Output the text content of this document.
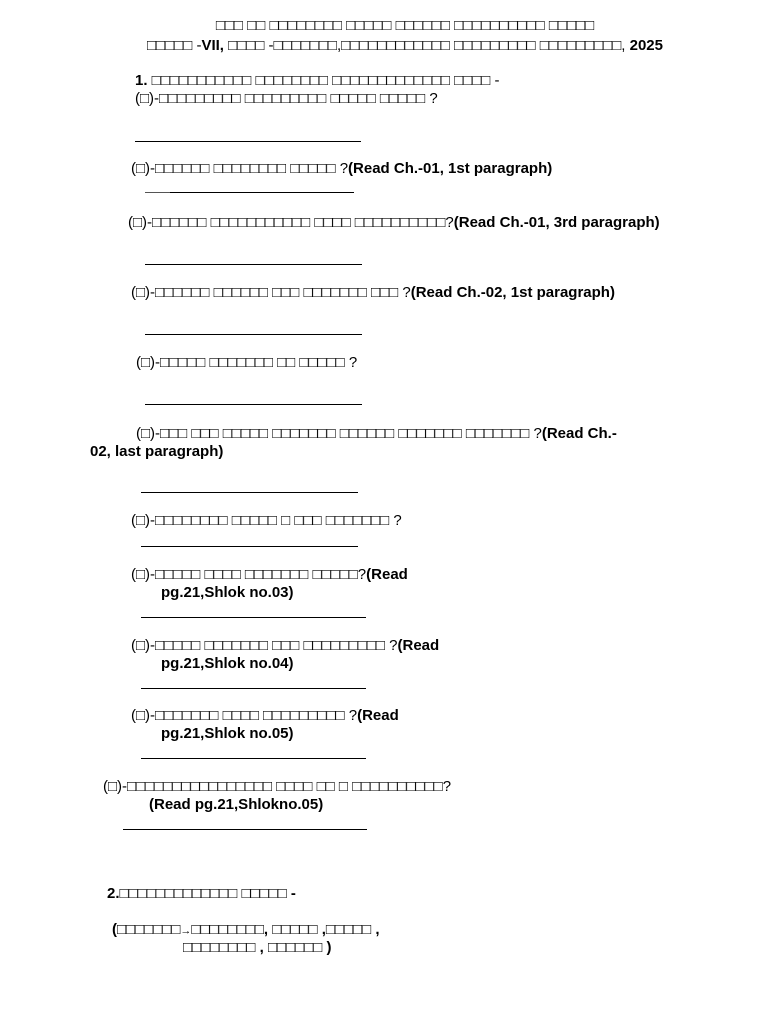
□□□ □□ □□□□□□□□ □□□□□ □□□□□□ □□□□□□□□□□ □□□□□
□□□□□ -VII, □□□□ -□□□□□□□,□□□□□□□□□□□□ □□□□□□□□□ □□□□□□□□□, 2025
1. □□□□□□□□□□□ □□□□□□□□ □□□□□□□□□□□□□ □□□□ -
(□)-□□□□□□□□□ □□□□□□□□□ □□□□□ □□□□□ ?
(□)-□□□□□□ □□□□□□□□ □□□□□ ?(Read Ch.-01, 1st paragraph)
(□)-□□□□□□ □□□□□□□□□□□ □□□□ □□□□□□□□□□?(Read Ch.-01, 3rd paragraph)
(□)-□□□□□□ □□□□□□ □□□ □□□□□□□ □□□ ?(Read Ch.-02, 1st paragraph)
(□)-□□□□□ □□□□□□□ □□ □□□□□ ?
(□)-□□□ □□□ □□□□□ □□□□□□□ □□□□□□ □□□□□□□ □□□□□□□ ?(Read Ch.-
02, last paragraph)
(□)-□□□□□□□□ □□□□□ □ □□□ □□□□□□□ ?
(□)-□□□□□ □□□□ □□□□□□□ □□□□□?(Read
pg.21,Shlok no.03)
(□)-□□□□□ □□□□□□□ □□□ □□□□□□□□□ ?(Read
pg.21,Shlok no.04)
(□)-□□□□□□□ □□□□ □□□□□□□□□ ?(Read
pg.21,Shlok no.05)
(□)-□□□□□□□□□□□□□□□□ □□□□ □□ □ □□□□□□□□□□?
(Read pg.21,Shlokno.05)
2.□□□□□□□□□□□□□ □□□□□ -
(□□□□□□□→□□□□□□□□, □□□□□ ,□□□□□ ,
□□□□□□□□ , □□□□□□ )
